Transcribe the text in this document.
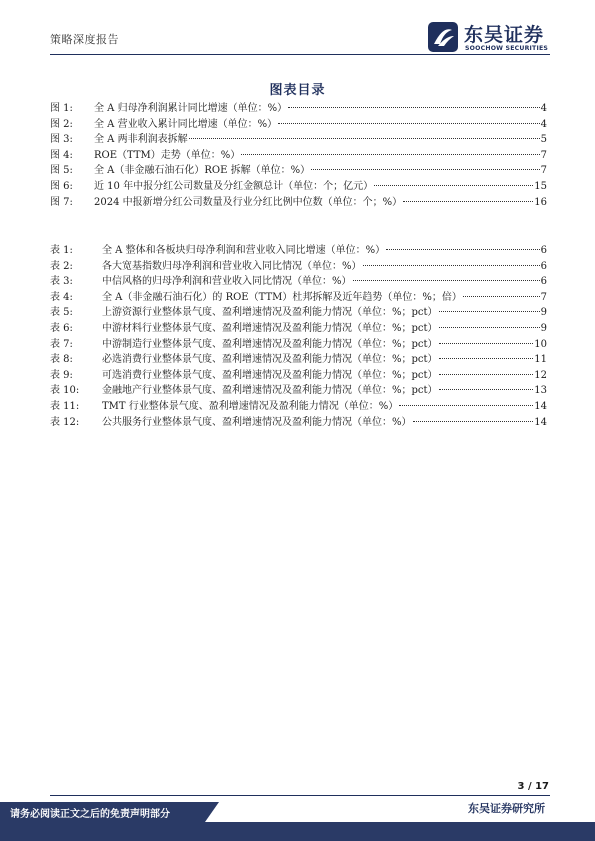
策略深度报告	东吴证券
SOOCHOW SECURITIES
图表目录
图 1:	全 A 归母净利润累计同比增速（单位：%）	4
图 2:	全 A 营业收入累计同比增速（单位：%）	4
图 3:	全 A 两非利润表拆解	5
图 4:	ROE（TTM）走势（单位：%）	7
图 5:	全 A（非金融石油石化）ROE 拆解（单位：%）	7
图 6:	近 10 年中报分红公司数量及分红金额总计（单位：个；亿元）	15
图 7:	2024 中报新增分红公司数量及行业分红比例中位数（单位：个；%）	16
表 1:	全 A 整体和各板块归母净利润和营业收入同比增速（单位：%）	6
表 2:	各大宽基指数归母净利润和营业收入同比情况（单位：%）	6
表 3:	中信风格的归母净利润和营业收入同比情况（单位：%）	6
表 4:	全 A（非金融石油石化）的 ROE（TTM）杜邦拆解及近年趋势（单位：%；倍）	7
表 5:	上游资源行业整体景气度、盈利增速情况及盈利能力情况（单位：%；pct）	9
表 6:	中游材料行业整体景气度、盈利增速情况及盈利能力情况（单位：%；pct）	9
表 7:	中游制造行业整体景气度、盈利增速情况及盈利能力情况（单位：%；pct）	10
表 8:	必选消费行业整体景气度、盈利增速情况及盈利能力情况（单位：%；pct）	11
表 9:	可选消费行业整体景气度、盈利增速情况及盈利能力情况（单位：%；pct）	12
表 10:	金融地产行业整体景气度、盈利增速情况及盈利能力情况（单位：%；pct）	13
表 11:	TMT 行业整体景气度、盈利增速情况及盈利能力情况（单位：%）	14
表 12:	公共服务行业整体景气度、盈利增速情况及盈利能力情况（单位：%）	14
3 / 17
东吴证券研究所
请务必阅读正文之后的免责声明部分
